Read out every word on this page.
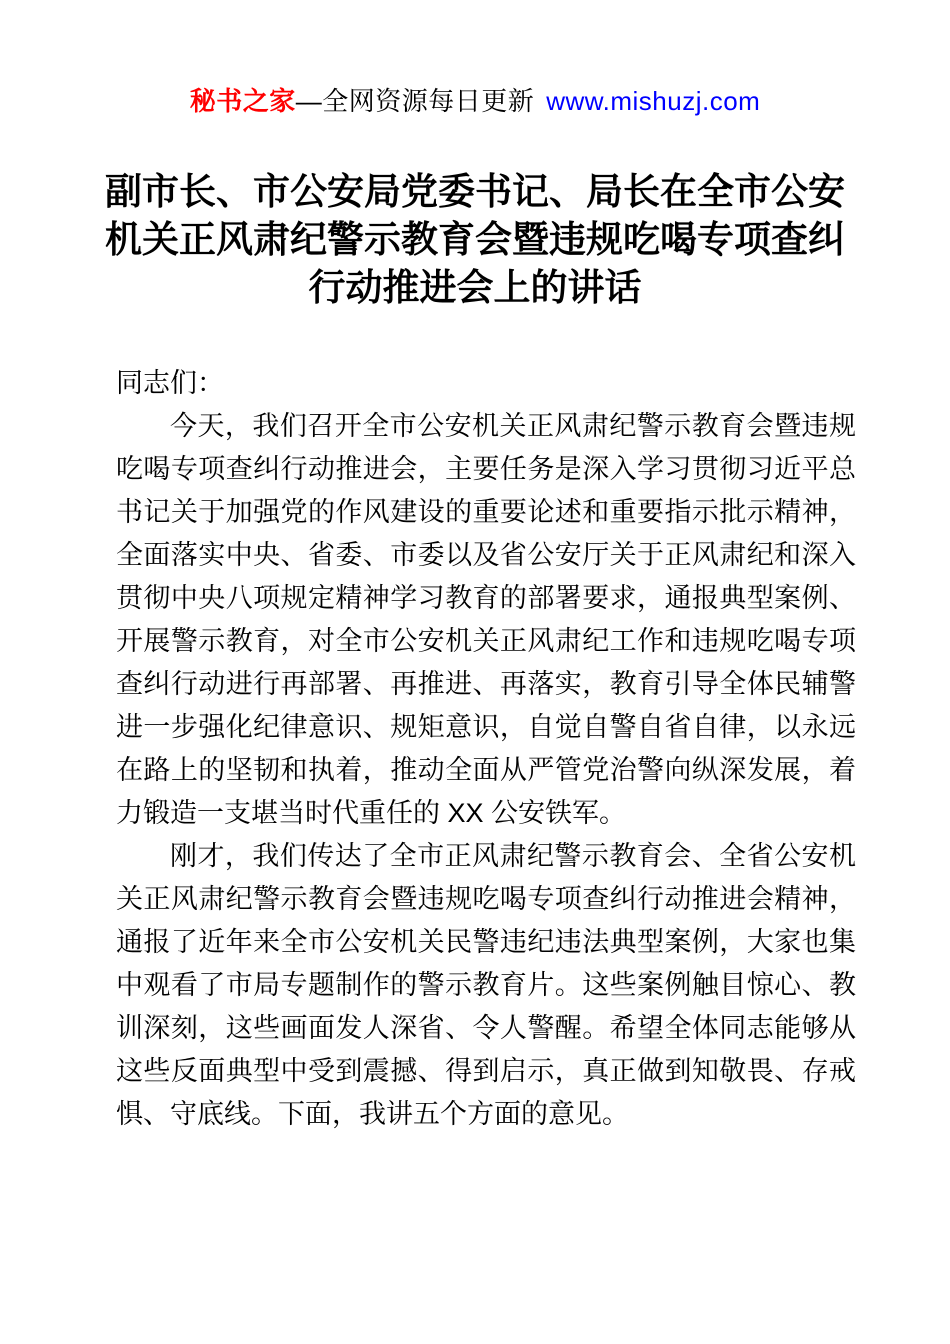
秘书之家—全网资源每日更新 www.mishuzj.com
副市长、市公安局党委书记、局长在全市公安机关正风肃纪警示教育会暨违规吃喝专项查纠行动推进会上的讲话

同志们：

今天，我们召开全市公安机关正风肃纪警示教育会暨违规吃喝专项查纠行动推进会，主要任务是深入学习贯彻习近平总书记关于加强党的作风建设的重要论述和重要指示批示精神，全面落实中央、省委、市委以及省公安厅关于正风肃纪和深入贯彻中央八项规定精神学习教育的部署要求，通报典型案例、开展警示教育，对全市公安机关正风肃纪工作和违规吃喝专项查纠行动进行再部署、再推进、再落实，教育引导全体民辅警进一步强化纪律意识、规矩意识，自觉自警自省自律，以永远在路上的坚韧和执着，推动全面从严管党治警向纵深发展，着力锻造一支堪当时代重任的 XX 公安铁军。

刚才，我们传达了全市正风肃纪警示教育会、全省公安机关正风肃纪警示教育会暨违规吃喝专项查纠行动推进会精神，通报了近年来全市公安机关民警违纪违法典型案例，大家也集中观看了市局专题制作的警示教育片。这些案例触目惊心、教训深刻，这些画面发人深省、令人警醒。希望全体同志能够从这些反面典型中受到震撼、得到启示，真正做到知敬畏、存戒惧、守底线。下面，我讲五个方面的意见。
